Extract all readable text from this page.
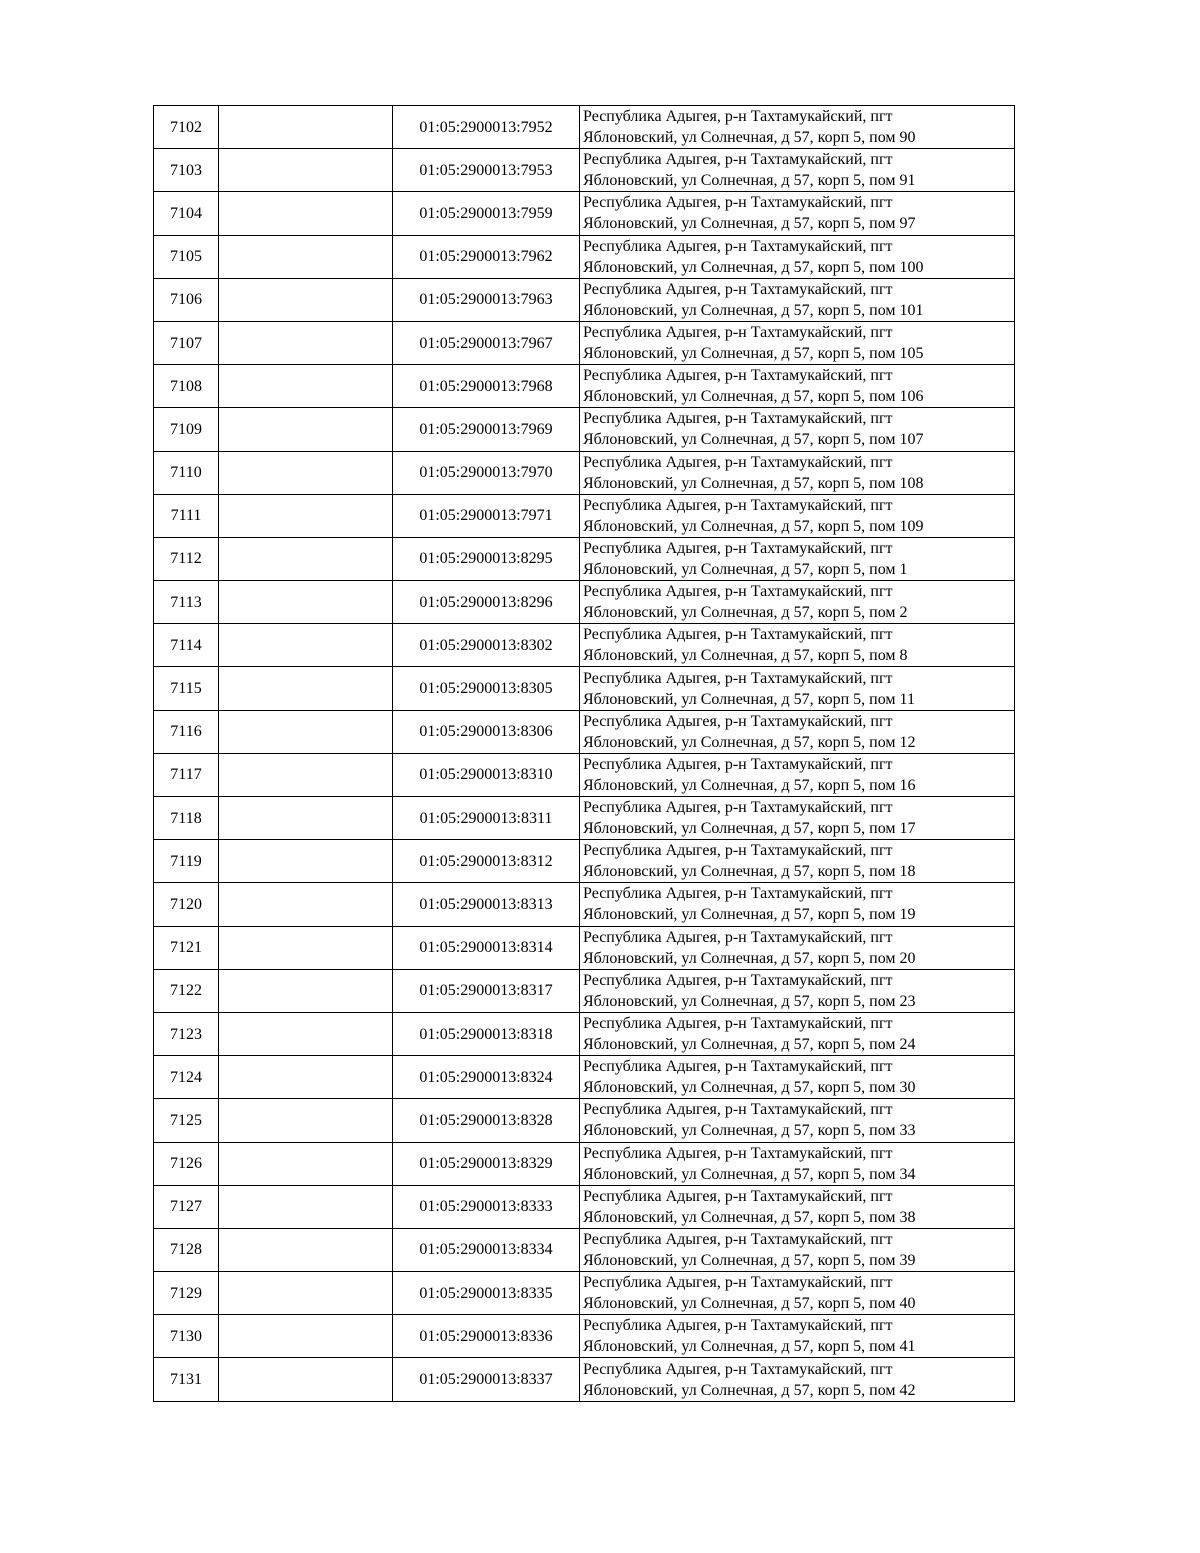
7102		01:05:2900013:7952	Республика Адыгея, р-н Тахтамукайский, пгт
Яблоновский, ул Солнечная, д 57, корп 5, пом 90

7103		01:05:2900013:7953	Республика Адыгея, р-н Тахтамукайский, пгт
Яблоновский, ул Солнечная, д 57, корп 5, пом 91

7104		01:05:2900013:7959	Республика Адыгея, р-н Тахтамукайский, пгт
Яблоновский, ул Солнечная, д 57, корп 5, пом 97

7105		01:05:2900013:7962	Республика Адыгея, р-н Тахтамукайский, пгт
Яблоновский, ул Солнечная, д 57, корп 5, пом 100

7106		01:05:2900013:7963	Республика Адыгея, р-н Тахтамукайский, пгт
Яблоновский, ул Солнечная, д 57, корп 5, пом 101

7107		01:05:2900013:7967	Республика Адыгея, р-н Тахтамукайский, пгт
Яблоновский, ул Солнечная, д 57, корп 5, пом 105

7108		01:05:2900013:7968	Республика Адыгея, р-н Тахтамукайский, пгт
Яблоновский, ул Солнечная, д 57, корп 5, пом 106

7109		01:05:2900013:7969	Республика Адыгея, р-н Тахтамукайский, пгт
Яблоновский, ул Солнечная, д 57, корп 5, пом 107

7110		01:05:2900013:7970	Республика Адыгея, р-н Тахтамукайский, пгт
Яблоновский, ул Солнечная, д 57, корп 5, пом 108

7111		01:05:2900013:7971	Республика Адыгея, р-н Тахтамукайский, пгт
Яблоновский, ул Солнечная, д 57, корп 5, пом 109

7112		01:05:2900013:8295	Республика Адыгея, р-н Тахтамукайский, пгт
Яблоновский, ул Солнечная, д 57, корп 5, пом 1

7113		01:05:2900013:8296	Республика Адыгея, р-н Тахтамукайский, пгт
Яблоновский, ул Солнечная, д 57, корп 5, пом 2

7114		01:05:2900013:8302	Республика Адыгея, р-н Тахтамукайский, пгт
Яблоновский, ул Солнечная, д 57, корп 5, пом 8

7115		01:05:2900013:8305	Республика Адыгея, р-н Тахтамукайский, пгт
Яблоновский, ул Солнечная, д 57, корп 5, пом 11

7116		01:05:2900013:8306	Республика Адыгея, р-н Тахтамукайский, пгт
Яблоновский, ул Солнечная, д 57, корп 5, пом 12

7117		01:05:2900013:8310	Республика Адыгея, р-н Тахтамукайский, пгт
Яблоновский, ул Солнечная, д 57, корп 5, пом 16

7118		01:05:2900013:8311	Республика Адыгея, р-н Тахтамукайский, пгт
Яблоновский, ул Солнечная, д 57, корп 5, пом 17

7119		01:05:2900013:8312	Республика Адыгея, р-н Тахтамукайский, пгт
Яблоновский, ул Солнечная, д 57, корп 5, пом 18

7120		01:05:2900013:8313	Республика Адыгея, р-н Тахтамукайский, пгт
Яблоновский, ул Солнечная, д 57, корп 5, пом 19

7121		01:05:2900013:8314	Республика Адыгея, р-н Тахтамукайский, пгт
Яблоновский, ул Солнечная, д 57, корп 5, пом 20

7122		01:05:2900013:8317	Республика Адыгея, р-н Тахтамукайский, пгт
Яблоновский, ул Солнечная, д 57, корп 5, пом 23

7123		01:05:2900013:8318	Республика Адыгея, р-н Тахтамукайский, пгт
Яблоновский, ул Солнечная, д 57, корп 5, пом 24

7124		01:05:2900013:8324	Республика Адыгея, р-н Тахтамукайский, пгт
Яблоновский, ул Солнечная, д 57, корп 5, пом 30

7125		01:05:2900013:8328	Республика Адыгея, р-н Тахтамукайский, пгт
Яблоновский, ул Солнечная, д 57, корп 5, пом 33

7126		01:05:2900013:8329	Республика Адыгея, р-н Тахтамукайский, пгт
Яблоновский, ул Солнечная, д 57, корп 5, пом 34

7127		01:05:2900013:8333	Республика Адыгея, р-н Тахтамукайский, пгт
Яблоновский, ул Солнечная, д 57, корп 5, пом 38

7128		01:05:2900013:8334	Республика Адыгея, р-н Тахтамукайский, пгт
Яблоновский, ул Солнечная, д 57, корп 5, пом 39

7129		01:05:2900013:8335	Республика Адыгея, р-н Тахтамукайский, пгт
Яблоновский, ул Солнечная, д 57, корп 5, пом 40

7130		01:05:2900013:8336	Республика Адыгея, р-н Тахтамукайский, пгт
Яблоновский, ул Солнечная, д 57, корп 5, пом 41

7131		01:05:2900013:8337	Республика Адыгея, р-н Тахтамукайский, пгт
Яблоновский, ул Солнечная, д 57, корп 5, пом 42
